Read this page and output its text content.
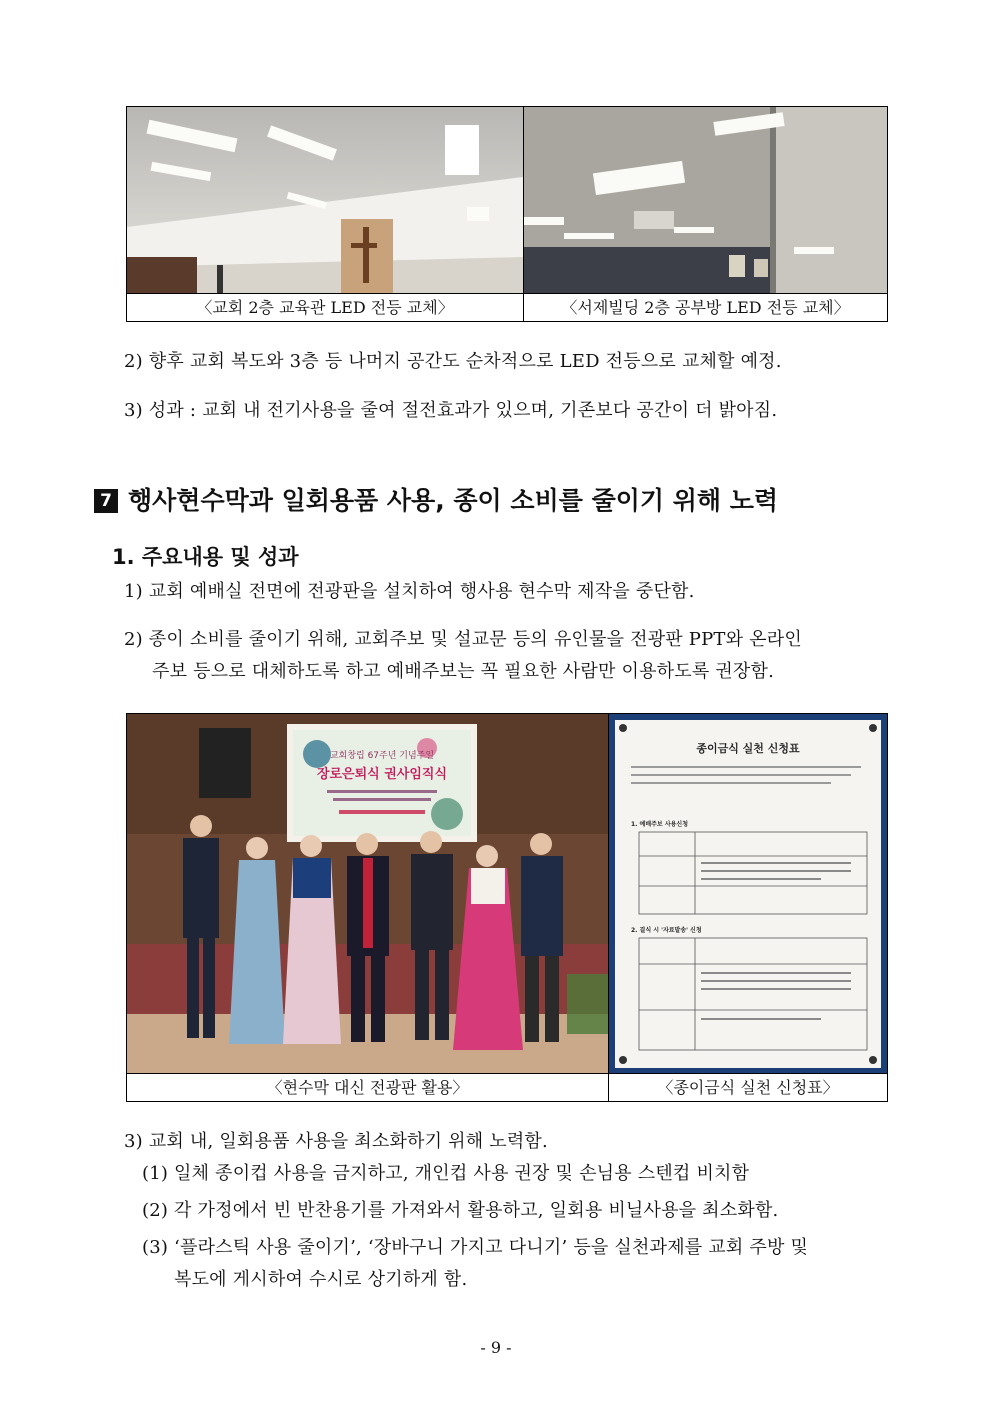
〈교회 2층 교육관 LED 전등 교체〉	〈서제빌딩 2층 공부방 LED 전등 교체〉
2) 향후 교회 복도와 3층 등 나머지 공간도 순차적으로 LED 전등으로 교체할 예정.
3) 성과 : 교회 내 전기사용을 줄여 절전효과가 있으며, 기존보다 공간이 더 밝아짐.
7 행사현수막과 일회용품 사용, 종이 소비를 줄이기 위해 노력
1. 주요내용 및 성과
1) 교회 예배실 전면에 전광판을 설치하여 행사용 현수막 제작을 중단함.
2) 종이 소비를 줄이기 위해, 교회주보 및 설교문 등의 유인물을 전광판 PPT와 온라인
주보 등으로 대체하도록 하고 예배주보는 꼭 필요한 사람만 이용하도록 권장함.
교회창립 67주년 기념주일
장로은퇴식 권사임직식
종이금식 실천 신청표
1. 예배주보 사용신청
2. 결식 시 '자료발송' 신청
〈현수막 대신 전광판 활용〉	〈종이금식 실천 신청표〉
3) 교회 내, 일회용품 사용을 최소화하기 위해 노력함.
(1) 일체 종이컵 사용을 금지하고, 개인컵 사용 권장 및 손님용 스텐컵 비치함
(2) 각 가정에서 빈 반찬용기를 가져와서 활용하고, 일회용 비닐사용을 최소화함.
(3) ‘플라스틱 사용 줄이기’, ‘장바구니 가지고 다니기’ 등을 실천과제를 교회 주방 및
복도에 게시하여 수시로 상기하게 함.
- 9 -
